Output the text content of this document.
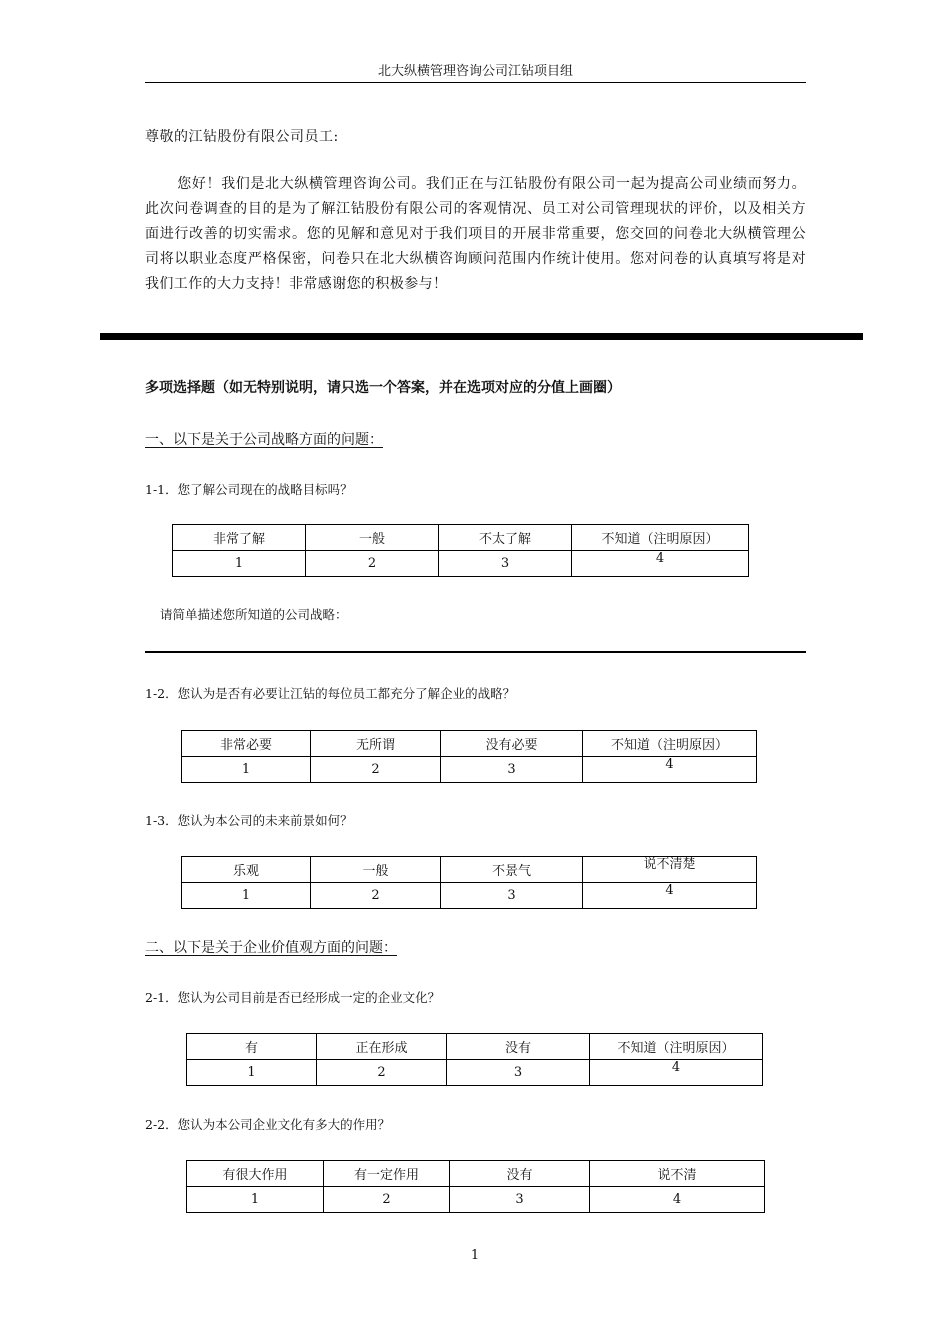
北大纵横管理咨询公司江钻项目组
尊敬的江钻股份有限公司员工:

您好！我们是北大纵横管理咨询公司。我们正在与江钻股份有限公司一起为提高公司业绩而努力。此次问卷调查的目的是为了解江钻股份有限公司的客观情况、员工对公司管理现状的评价，以及相关方面进行改善的切实需求。您的见解和意见对于我们项目的开展非常重要，您交回的问卷北大纵横管理公司将以职业态度严格保密，问卷只在北大纵横咨询顾问范围内作统计使用。您对问卷的认真填写将是对我们工作的大力支持！非常感谢您的积极参与！

多项选择题（如无特别说明，请只选一个答案，并在选项对应的分值上画圈）
一、以下是关于公司战略方面的问题：
1-1．您了解公司现在的战略目标吗？
非常了解	一般	不太了解	不知道（注明原因）
1	2	3	4
请简单描述您所知道的公司战略：
1-2．您认为是否有必要让江钻的每位员工都充分了解企业的战略？
非常必要	无所谓	没有必要	不知道（注明原因）
1	2	3	4
1-3．您认为本公司的未来前景如何？
乐观	一般	不景气	说不清楚
1	2	3	4
二、以下是关于企业价值观方面的问题：
2-1．您认为公司目前是否已经形成一定的企业文化？
有	正在形成	没有	不知道（注明原因）
1	2	3	4
2-2．您认为本公司企业文化有多大的作用？
有很大作用	有一定作用	没有	说不清
1	2	3	4
1
